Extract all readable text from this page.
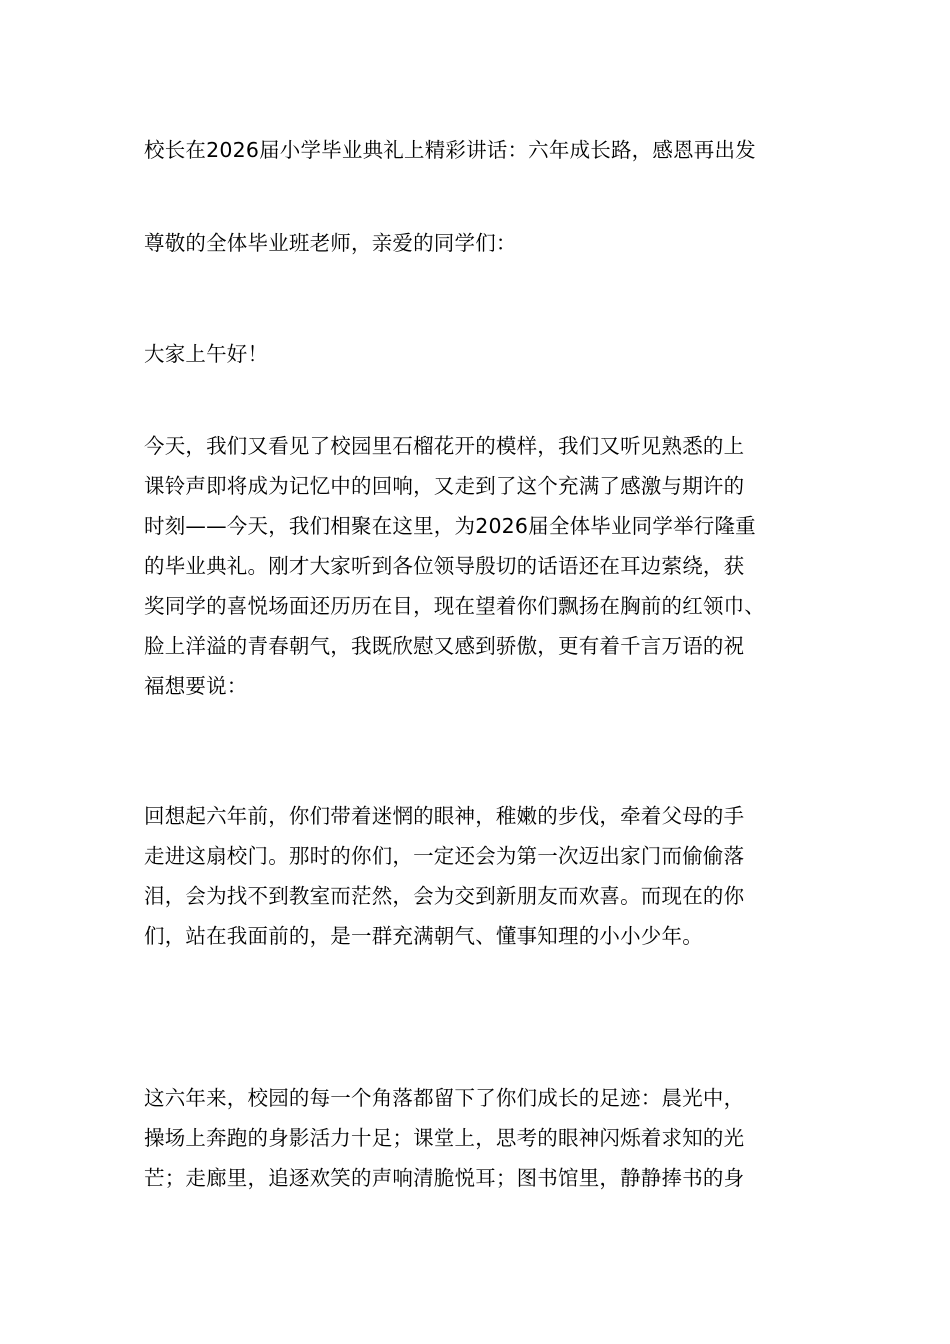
校长在2026届小学毕业典礼上精彩讲话：六年成长路，感恩再出发
尊敬的全体毕业班老师，亲爱的同学们：
大家上午好！
今天，我们又看见了校园里石榴花开的模样，我们又听见熟悉的上
课铃声即将成为记忆中的回响，又走到了这个充满了感激与期许的
时刻——今天，我们相聚在这里，为2026届全体毕业同学举行隆重
的毕业典礼。刚才大家听到各位领导殷切的话语还在耳边萦绕，获
奖同学的喜悦场面还历历在目，现在望着你们飘扬在胸前的红领巾、
脸上洋溢的青春朝气，我既欣慰又感到骄傲，更有着千言万语的祝
福想要说：
回想起六年前，你们带着迷惘的眼神，稚嫩的步伐，牵着父母的手
走进这扇校门。那时的你们，一定还会为第一次迈出家门而偷偷落
泪，会为找不到教室而茫然，会为交到新朋友而欢喜。而现在的你
们，站在我面前的，是一群充满朝气、懂事知理的小小少年。
这六年来，校园的每一个角落都留下了你们成长的足迹：晨光中，
操场上奔跑的身影活力十足；课堂上，思考的眼神闪烁着求知的光
芒；走廊里，追逐欢笑的声响清脆悦耳；图书馆里，静静捧书的身
